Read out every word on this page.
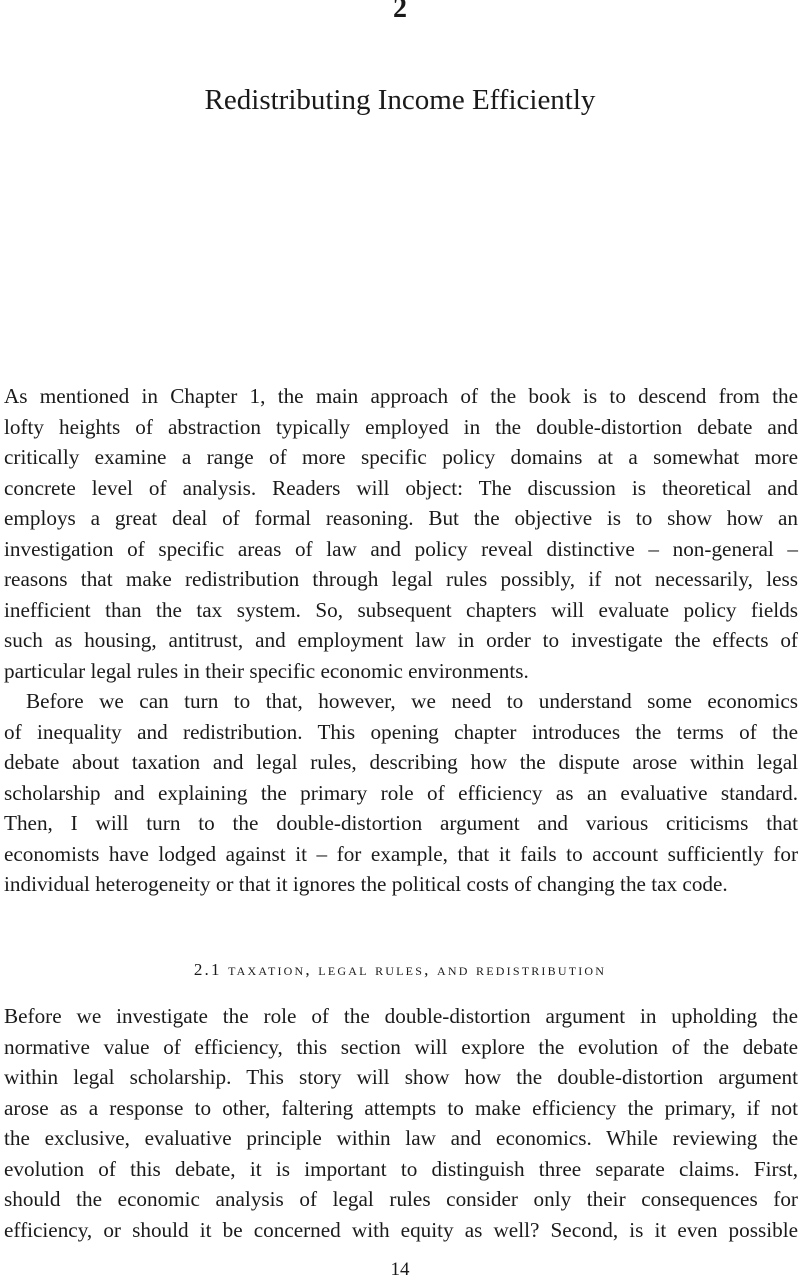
2
Redistributing Income Efficiently
As mentioned in Chapter 1, the main approach of the book is to descend from the
lofty heights of abstraction typically employed in the double-distortion debate and
critically examine a range of more specific policy domains at a somewhat more
concrete level of analysis. Readers will object: The discussion is theoretical and
employs a great deal of formal reasoning. But the objective is to show how an
investigation of specific areas of law and policy reveal distinctive – non-general –
reasons that make redistribution through legal rules possibly, if not necessarily, less
inefficient than the tax system. So, subsequent chapters will evaluate policy fields
such as housing, antitrust, and employment law in order to investigate the effects of
particular legal rules in their specific economic environments.
Before we can turn to that, however, we need to understand some economics
of inequality and redistribution. This opening chapter introduces the terms of the
debate about taxation and legal rules, describing how the dispute arose within legal
scholarship and explaining the primary role of efficiency as an evaluative standard.
Then, I will turn to the double-distortion argument and various criticisms that
economists have lodged against it – for example, that it fails to account sufficiently for
individual heterogeneity or that it ignores the political costs of changing the tax code.
2.1 taxation, legal rules, and redistribution
Before we investigate the role of the double-distortion argument in upholding the
normative value of efficiency, this section will explore the evolution of the debate
within legal scholarship. This story will show how the double-distortion argument
arose as a response to other, faltering attempts to make efficiency the primary, if not
the exclusive, evaluative principle within law and economics. While reviewing the
evolution of this debate, it is important to distinguish three separate claims. First,
should the economic analysis of legal rules consider only their consequences for
efficiency, or should it be concerned with equity as well? Second, is it even possible
14
